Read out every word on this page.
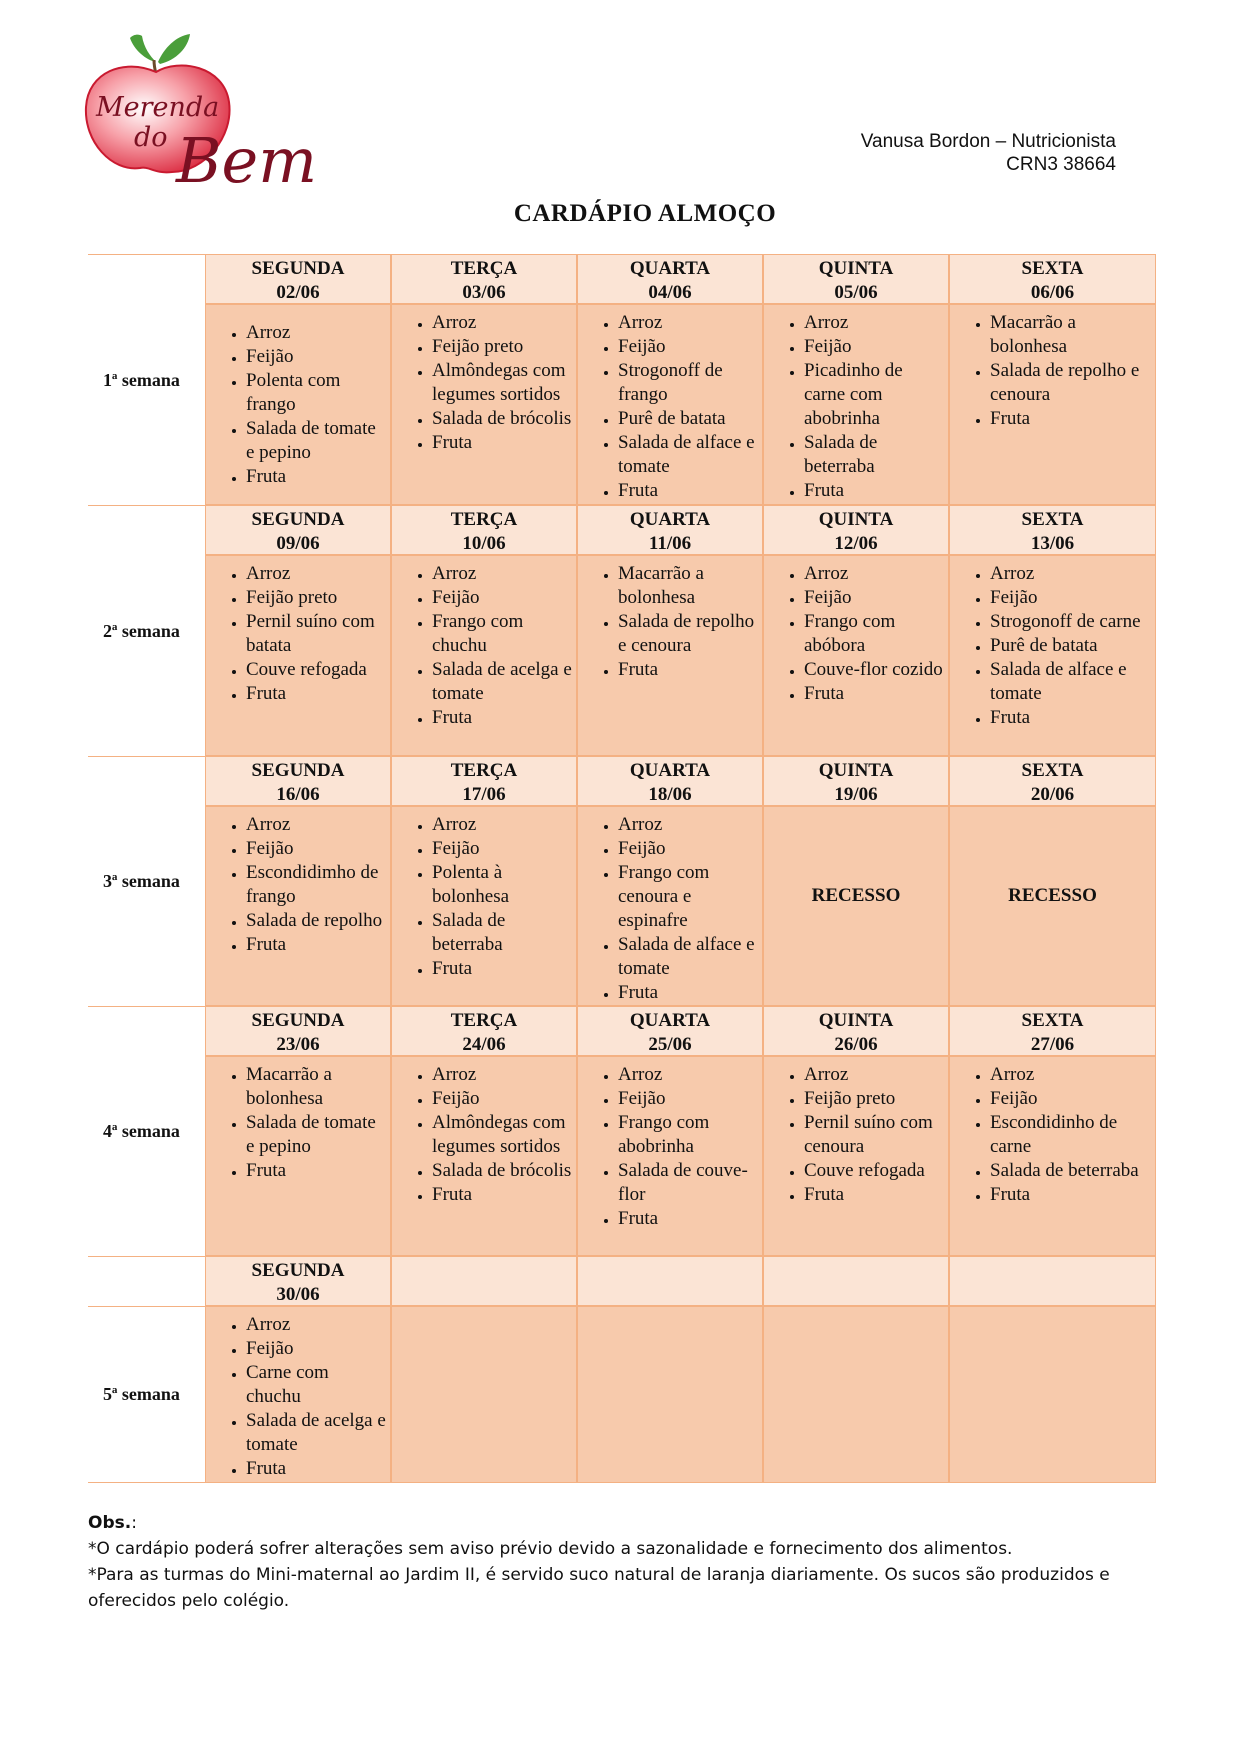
Merenda
do Bem	Vanusa Bordon – Nutricionista
CRN3 38664
CARDÁPIO ALMOÇO
1ª semana
SEGUNDA
02/06
• Arroz
• Feijão
• Polenta com frango
• Salada de tomate e pepino
• Fruta
TERÇA
03/06
• Arroz
• Feijão preto
• Almôndegas com legumes sortidos
• Salada de brócolis
• Fruta
QUARTA
04/06
• Arroz
• Feijão
• Strogonoff de frango
• Purê de batata
• Salada de alface e tomate
• Fruta
QUINTA
05/06
• Arroz
• Feijão
• Picadinho de carne com abobrinha
• Salada de beterraba
• Fruta
SEXTA
06/06
• Macarrão a bolonhesa
• Salada de repolho e cenoura
• Fruta
2ª semana
SEGUNDA
09/06
• Arroz
• Feijão preto
• Pernil suíno com batata
• Couve refogada
• Fruta
TERÇA
10/06
• Arroz
• Feijão
• Frango com chuchu
• Salada de acelga e tomate
• Fruta
QUARTA
11/06
• Macarrão a bolonhesa
• Salada de repolho e cenoura
• Fruta
QUINTA
12/06
• Arroz
• Feijão
• Frango com abóbora
• Couve-flor cozido
• Fruta
SEXTA
13/06
• Arroz
• Feijão
• Strogonoff de carne
• Purê de batata
• Salada de alface e tomate
• Fruta
3ª semana
SEGUNDA
16/06
• Arroz
• Feijão
• Escondidimho de frango
• Salada de repolho
• Fruta
TERÇA
17/06
• Arroz
• Feijão
• Polenta à bolonhesa
• Salada de beterraba
• Fruta
QUARTA
18/06
• Arroz
• Feijão
• Frango com cenoura e espinafre
• Salada de alface e tomate
• Fruta
QUINTA
19/06
RECESSO
SEXTA
20/06
RECESSO
4ª semana
SEGUNDA
23/06
• Macarrão a bolonhesa
• Salada de tomate e pepino
• Fruta
TERÇA
24/06
• Arroz
• Feijão
• Almôndegas com legumes sortidos
• Salada de brócolis
• Fruta
QUARTA
25/06
• Arroz
• Feijão
• Frango com abobrinha
• Salada de couve-flor
• Fruta
QUINTA
26/06
• Arroz
• Feijão preto
• Pernil suíno com cenoura
• Couve refogada
• Fruta
SEXTA
27/06
• Arroz
• Feijão
• Escondidinho de carne
• Salada de beterraba
• Fruta
5ª semana
SEGUNDA
30/06
• Arroz
• Feijão
• Carne com chuchu
• Salada de acelga e tomate
• Fruta
Obs.:
*O cardápio poderá sofrer alterações sem aviso prévio devido a sazonalidade e fornecimento dos alimentos.
*Para as turmas do Mini-maternal ao Jardim II, é servido suco natural de laranja diariamente. Os sucos são produzidos e oferecidos pelo colégio.
